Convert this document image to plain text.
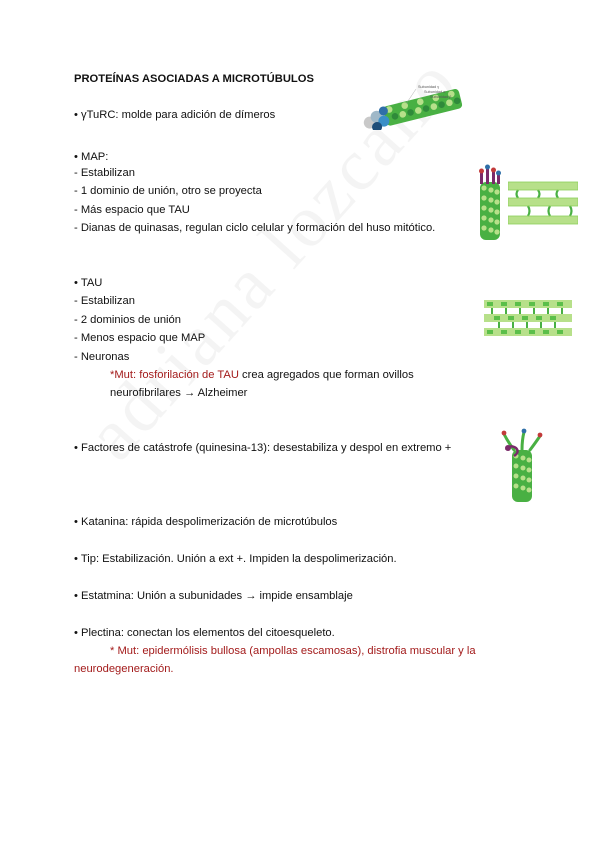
PROTEÍNAS ASOCIADAS A MICROTÚBULOS
• γTuRC: molde para adición de dímeros
Subunidad γ
Subunidad α
Subunidad β
• MAP:
- Estabilizan
- 1 dominio de unión, otro se proyecta
- Más espacio que TAU
- Dianas de quinasas, regulan ciclo celular y formación del huso mitótico.
• TAU
- Estabilizan
- 2 dominios de unión
- Menos espacio que MAP
- Neuronas
*Mut: fosforilación de TAU crea agregados que forman ovillos
neurofibrilares → Alzheimer
• Factores de catástrofe (quinesina-13): desestabiliza y despol en extremo +
• Katanina: rápida despolimerización de microtúbulos
• Tip: Estabilización. Unión a ext +. Impiden la despolimerización.
• Estatmina: Unión a subunidades → impide ensamblaje
• Plectina: conectan los elementos del citoesqueleto.
* Mut: epidermólisis bullosa (ampollas escamosas), distrofia muscular y la
neurodegeneración.
